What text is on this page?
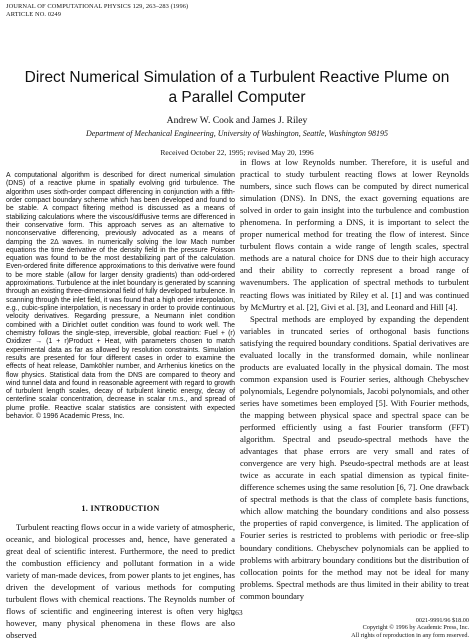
JOURNAL OF COMPUTATIONAL PHYSICS 129, 263–283 (1996)
ARTICLE NO. 0249
Direct Numerical Simulation of a Turbulent Reactive Plume on a Parallel Computer
Andrew W. Cook and James J. Riley
Department of Mechanical Engineering, University of Washington, Seattle, Washington 98195
Received October 22, 1995; revised May 20, 1996
A computational algorithm is described for direct numerical simulation (DNS) of a reactive plume in spatially evolving grid turbulence. The algorithm uses sixth-order compact differencing in conjunction with a fifth-order compact boundary scheme which has been developed and found to be stable. A compact filtering method is discussed as a means of stabilizing calculations where the viscous/diffusive terms are differenced in their conservative form. This approach serves as an alternative to nonconservative differencing, previously advocated as a means of damping the 2Δ waves. In numerically solving the low Mach number equations the time derivative of the density field in the pressure Poisson equation was found to be the most destabilizing part of the calculation. Even-ordered finite difference approximations to this derivative were found to be more stable (allow for larger density gradients) than odd-ordered approximations. Turbulence at the inlet boundary is generated by scanning through an existing three-dimensional field of fully developed turbulence. In scanning through the inlet field, it was found that a high order interpolation, e.g., cubic-spline interpolation, is necessary in order to provide continuous velocity derivatives. Regarding pressure, a Neumann inlet condition combined with a Dirichlet outlet condition was found to work well. The chemistry follows the single-step, irreversible, global reaction: Fuel + (r) Oxidizer → (1 + r)Product + Heat, with parameters chosen to match experimental data as far as allowed by resolution constraints. Simulation results are presented for four different cases in order to examine the effects of heat release, Damköhler number, and Arrhenius kinetics on the flow physics. Statistical data from the DNS are compared to theory and wind tunnel data and found in reasonable agreement with regard to growth of turbulent length scales, decay of turbulent kinetic energy, decay of centerline scalar concentration, decrease in scalar r.m.s., and spread of plume profile. Reactive scalar statistics are consistent with expected behavior. © 1996 Academic Press, Inc.
1. INTRODUCTION
Turbulent reacting flows occur in a wide variety of atmospheric, oceanic, and biological processes and, hence, have generated a great deal of scientific interest. Furthermore, the need to predict the combustion efficiency and pollutant formation in a wide variety of man-made devices, from power plants to jet engines, has driven the development of various methods for computing turbulent flows with chemical reactions. The Reynolds number of flows of scientific and engineering interest is often very high; however, many physical phenomena in these flows are also observed

in flows at low Reynolds number. Therefore, it is useful and practical to study turbulent reacting flows at lower Reynolds numbers, since such flows can be computed by direct numerical simulation (DNS). In DNS, the exact governing equations are solved in order to gain insight into the turbulence and combustion phenomena. In performing a DNS, it is important to select the proper numerical method for treating the flow of interest. Since turbulent flows contain a wide range of length scales, spectral methods are a natural choice for DNS due to their high accuracy and their ability to correctly represent a broad range of wavenumbers. The application of spectral methods to turbulent reacting flows was initiated by Riley et al. [1] and was continued by McMurtry et al. [2], Givi et al. [3], and Leonard and Hill [4].

Spectral methods are employed by expanding the dependent variables in truncated series of orthogonal basis functions satisfying the required boundary conditions. Spatial derivatives are evaluated locally in the transformed domain, while nonlinear products are evaluated locally in the physical domain. The most common expansion used is Fourier series, although Chebyschev polynomials, Legendre polynomials, Jacobi polynomials, and other series have sometimes been employed [5]. With Fourier methods, the mapping between physical space and spectral space can be performed efficiently using a fast Fourier transform (FFT) algorithm. Spectral and pseudo-spectral methods have the advantages that phase errors are very small and rates of convergence are very high. Pseudo-spectral methods are at least twice as accurate in each spatial dimension as typical finite-difference schemes using the same resolution [6, 7]. One drawback of spectral methods is that the class of complete basis functions, which allow matching the boundary conditions and also possess the properties of rapid convergence, is limited. The application of Fourier series is restricted to problems with periodic or free-slip boundary conditions. Chebyschev polynomials can be applied to problems with arbitrary boundary conditions but the distribution of collocation points for the method may not be ideal for many problems. Spectral methods are thus limited in their ability to treat common boundary

263
0021-9991/96 $18.00
Copyright © 1996 by Academic Press, Inc.
All rights of reproduction in any form reserved.
